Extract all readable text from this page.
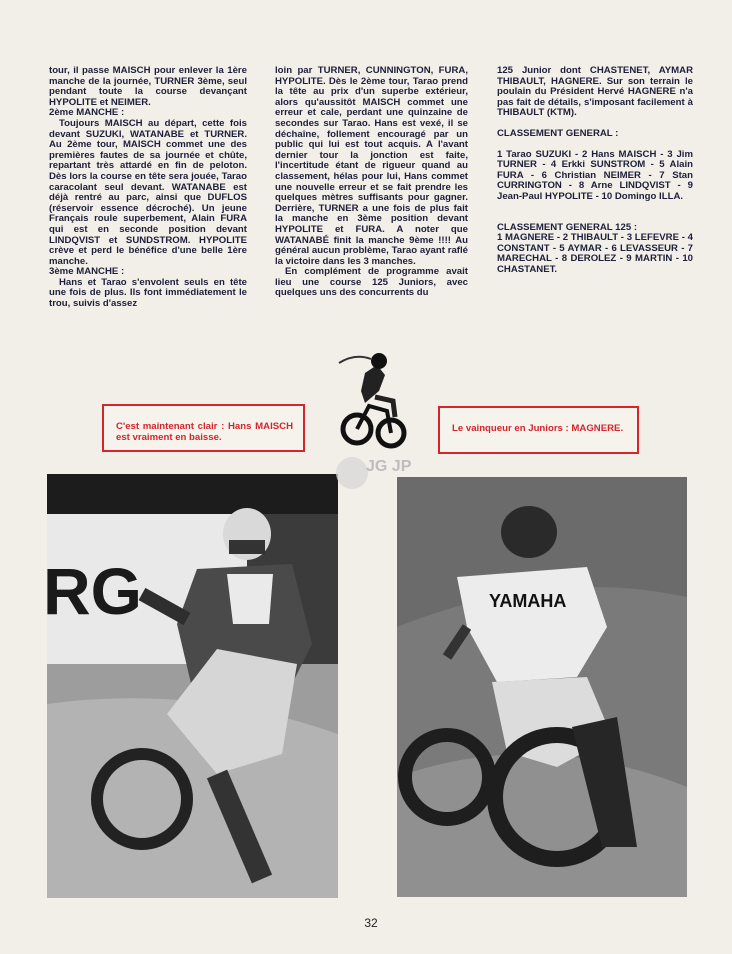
tour, il passe MAISCH pour enlever la 1ère manche de la journée, TURNER 3ème, seul pendant toute la course devançant HYPOLITE et NEIMER.

2ème MANCHE :

Toujours MAISCH au départ, cette fois devant SUZUKI, WATANABE et TURNER. Au 2ème tour, MAISCH commet une des premières fautes de sa journée et chûte, repartant très attardé en fin de peloton. Dès lors la course en tête sera jouée, Tarao caracolant seul devant. WATANABE est déjà rentré au parc, ainsi que DUFLOS (réservoir essence décroché). Un jeune Français roule superbement, Alain FURA qui est en seconde position devant LINDQVIST et SUNDSTROM. HYPOLITE crève et perd le bénéfice d'une belle 1ère manche.

3ème MANCHE :

Hans et Tarao s'envolent seuls en tête une fois de plus. Ils font immédiatement le trou, suivis d'assez

loin par TURNER, CUNNINGTON, FURA, HYPOLITE. Dès le 2ème tour, Tarao prend la tête au prix d'un superbe extérieur, alors qu'aussitôt MAISCH commet une erreur et cale, perdant une quinzaine de secondes sur Tarao. Hans est vexé, il se déchaîne, follement encouragé par un public qui lui est tout acquis. A l'avant dernier tour la jonction est faite, l'incertitude étant de rigueur quand au classement, hélas pour lui, Hans commet une nouvelle erreur et se fait prendre les quelques mètres suffisants pour gagner. Derrière, TURNER a une fois de plus fait la manche en 3ème position devant HYPOLITE et FURA. A noter que WATANABÉ finit la manche 9ème !!!! Au général aucun problème, Tarao ayant raflé la victoire dans les 3 manches.

En complément de programme avait lieu une course 125 Juniors, avec quelques uns des concurrents du

125 Junior dont CHASTENET, AYMAR THIBAULT, HAGNERE. Sur son terrain le poulain du Président Hervé HAGNERE n'a pas fait de détails, s'imposant facilement à THIBAULT (KTM).

CLASSEMENT GENERAL :

1 Tarao SUZUKI - 2 Hans MAISCH - 3 Jim TURNER - 4 Erkki SUNSTROM - 5 Alain FURA - 6 Christian NEIMER - 7 Stan CURRINGTON - 8 Arne LINDQVIST - 9 Jean-Paul HYPOLITE - 10 Domingo ILLA.

CLASSEMENT GENERAL 125 :

1 MAGNERE - 2 THIBAULT - 3 LEFEVRE - 4 CONSTANT - 5 AYMAR - 6 LEVASSEUR - 7 MARECHAL - 8 DEROLEZ - 9 MARTIN - 10 CHASTANET.

C'est maintenant clair : Hans MAISCH est vraiment en baisse.
Le vainqueur en Juniors : MAGNERE.
RG
JG JP
YAMAHA
32
